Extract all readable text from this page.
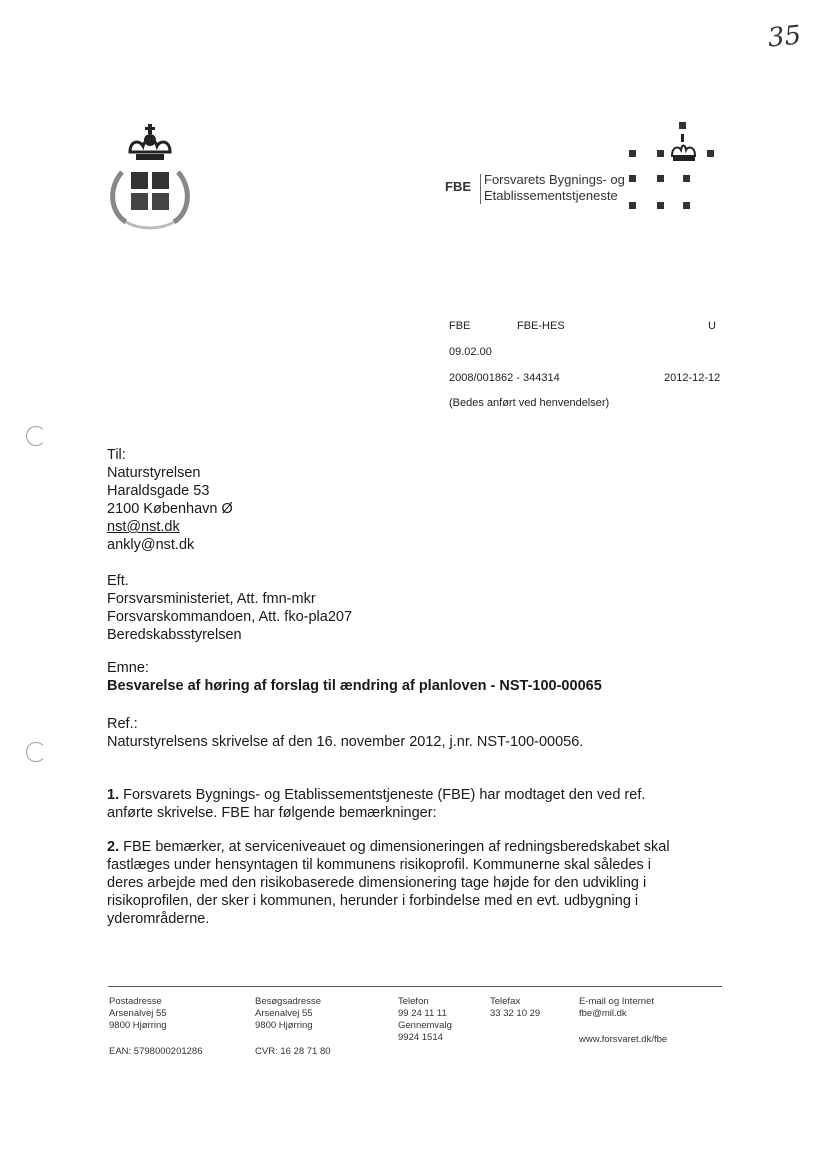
35
FBE Forsvarets Bygnings- og
Etablissementstjeneste
FBE	FBE-HES	U
09.02.00
2008/001862 - 344314	2012-12-12
(Bedes anført ved henvendelser)
Til:
Naturstyrelsen
Haraldsgade 53
2100 København Ø
nst@nst.dk
ankly@nst.dk
Eft.
Forsvarsministeriet, Att. fmn-mkr
Forsvarskommandoen, Att. fko-pla207
Beredskabsstyrelsen
Emne:
Besvarelse af høring af forslag til ændring af planloven - NST-100-00065
Ref.:
Naturstyrelsens skrivelse af den 16. november 2012, j.nr. NST-100-00056.
1. Forsvarets Bygnings- og Etablissementstjeneste (FBE) har modtaget den ved ref.
anførte skrivelse. FBE har følgende bemærkninger:
2. FBE bemærker, at serviceniveauet og dimensioneringen af redningsberedskabet skal
fastlæges under hensyntagen til kommunens risikoprofil. Kommunerne skal således i
deres arbejde med den risikobaserede dimensionering tage højde for den udvikling i
risikoprofilen, der sker i kommunen, herunder i forbindelse med en evt. udbygning i
yderområderne.
Postadresse
Arsenalvej 55
9800 Hjørring
EAN: 5798000201286
Besøgsadresse
Arsenalvej 55
9800 Hjørring
CVR: 16 28 71 80
Telefon
99 24 11 11
Gennemvalg
9924 1514
Telefax
33 32 10 29
E-mail og Internet
fbe@mil.dk
www.forsvaret.dk/fbe
